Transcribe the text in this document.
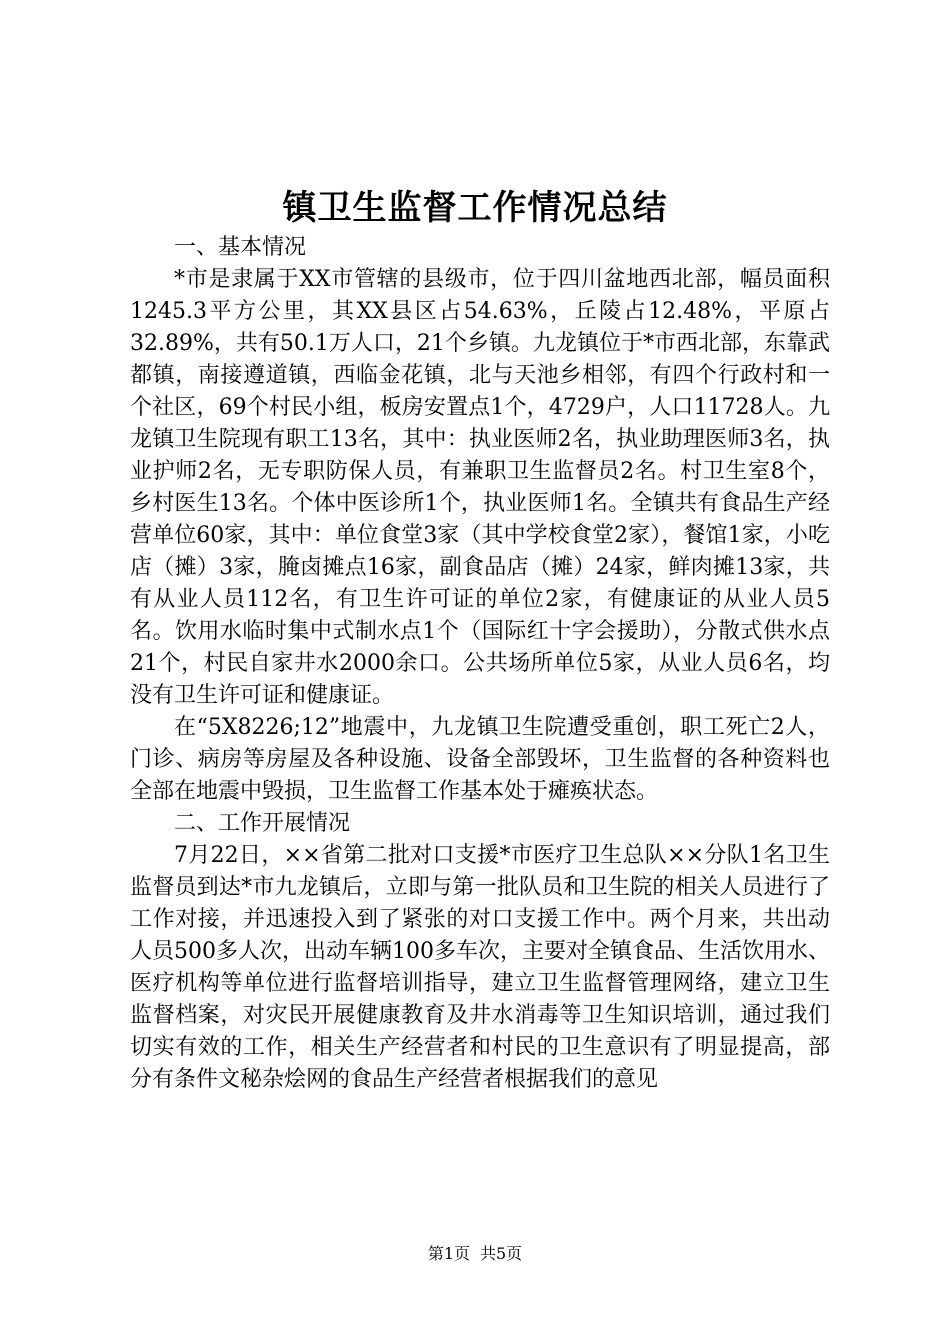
镇卫生监督工作情况总结

一、基本情况

*市是隶属于XX市管辖的县级市，位于四川盆地西北部，幅员面积1245.3平方公里，其XX县区占54.63%，丘陵占12.48%，平原占32.89%，共有50.1万人口，21个乡镇。九龙镇位于*市西北部，东靠武都镇，南接遵道镇，西临金花镇，北与天池乡相邻，有四个行政村和一个社区，69个村民小组，板房安置点1个，4729户，人口11728人。九龙镇卫生院现有职工13名，其中：执业医师2名，执业助理医师3名，执业护师2名，无专职防保人员，有兼职卫生监督员2名。村卫生室8个，乡村医生13名。个体中医诊所1个，执业医师1名。全镇共有食品生产经营单位60家，其中：单位食堂3家（其中学校食堂2家），餐馆1家，小吃店（摊）3家，腌卤摊点16家，副食品店（摊）24家，鲜肉摊13家，共有从业人员112名，有卫生许可证的单位2家，有健康证的从业人员5名。饮用水临时集中式制水点1个（国际红十字会援助），分散式供水点21个，村民自家井水2000余口。公共场所单位5家，从业人员6名，均没有卫生许可证和健康证。

在“5X8226;12”地震中，九龙镇卫生院遭受重创，职工死亡2人，门诊、病房等房屋及各种设施、设备全部毁坏，卫生监督的各种资料也全部在地震中毁损，卫生监督工作基本处于瘫痪状态。

二、工作开展情况

7月22日，××省第二批对口支援*市医疗卫生总队××分队1名卫生监督员到达*市九龙镇后，立即与第一批队员和卫生院的相关人员进行了工作对接，并迅速投入到了紧张的对口支援工作中。两个月来，共出动人员500多人次，出动车辆100多车次，主要对全镇食品、生活饮用水、医疗机构等单位进行监督培训指导，建立卫生监督管理网络，建立卫生监督档案，对灾民开展健康教育及井水消毒等卫生知识培训，通过我们切实有效的工作，相关生产经营者和村民的卫生意识有了明显提高，部分有条件文秘杂烩网的食品生产经营者根据我们的意见

第1页 共5页
